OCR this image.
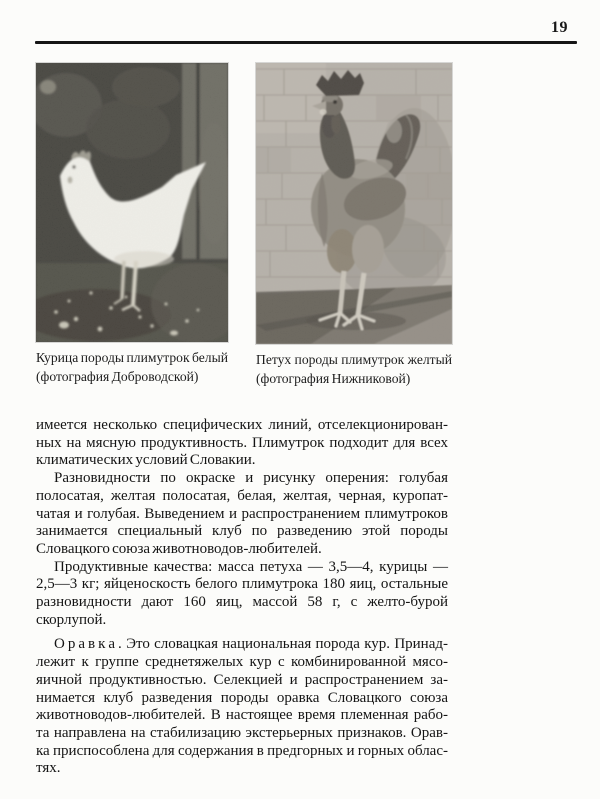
19
Курица породы плимутрок белый
(фотография Доброводской)
Петух породы плимутрок желтый
(фотография Нижниковой)
имеется несколько специфических линий, отселекционирован-
ных на мясную продуктивность. Плимутрок подходит для всех
климатических условий Словакии.
Разновидности по окраске и рисунку оперения: голубая
полосатая, желтая полосатая, белая, желтая, черная, куропат-
чатая и голубая. Выведением и распространением плимутроков
занимается специальный клуб по разведению этой породы
Словацкого союза животноводов-любителей.
Продуктивные качества: масса петуха — 3,5—4, курицы —
2,5—3 кг; яйценоскость белого плимутрока 180 яиц, остальные
разновидности дают 160 яиц, массой 58 г, с желто-бурой
скорлупой.
О р а в к а . Это словацкая национальная порода кур. Принад-
лежит к группе среднетяжелых кур с комбинированной мясо-
яичной продуктивностью. Селекцией и распространением за-
нимается клуб разведения породы оравка Словацкого союза
животноводов-любителей. В настоящее время племенная рабо-
та направлена на стабилизацию экстерьерных признаков. Орав-
ка приспособлена для содержания в предгорных и горных облас-
тях.
